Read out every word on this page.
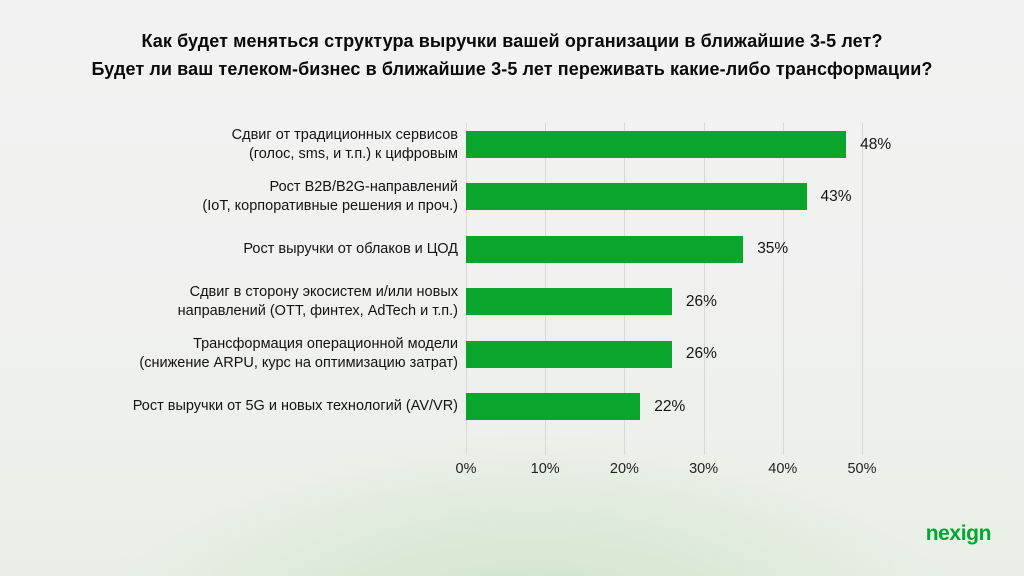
Как будет меняться структура выручки вашей организации в ближайшие 3-5 лет?
Будет ли ваш телеком-бизнес в ближайшие 3-5 лет переживать какие-либо трансформации?
Сдвиг от традиционных сервисов
(голос, sms, и т.п.) к цифровым
48%
Рост B2B/B2G-направлений
(IoT, корпоративные решения и проч.)
43%
Рост выручки от облаков и ЦОД	35%
Сдвиг в сторону экосистем и/или новых
направлений (OTT, финтех, AdTech и т.п.)
26%
Трансформация операционной модели
(снижение ARPU, курс на оптимизацию затрат)
26%
Рост выручки от 5G и новых технологий (AV/VR)	22%
0%	10%	20%	30%	40%	50%
nexign
